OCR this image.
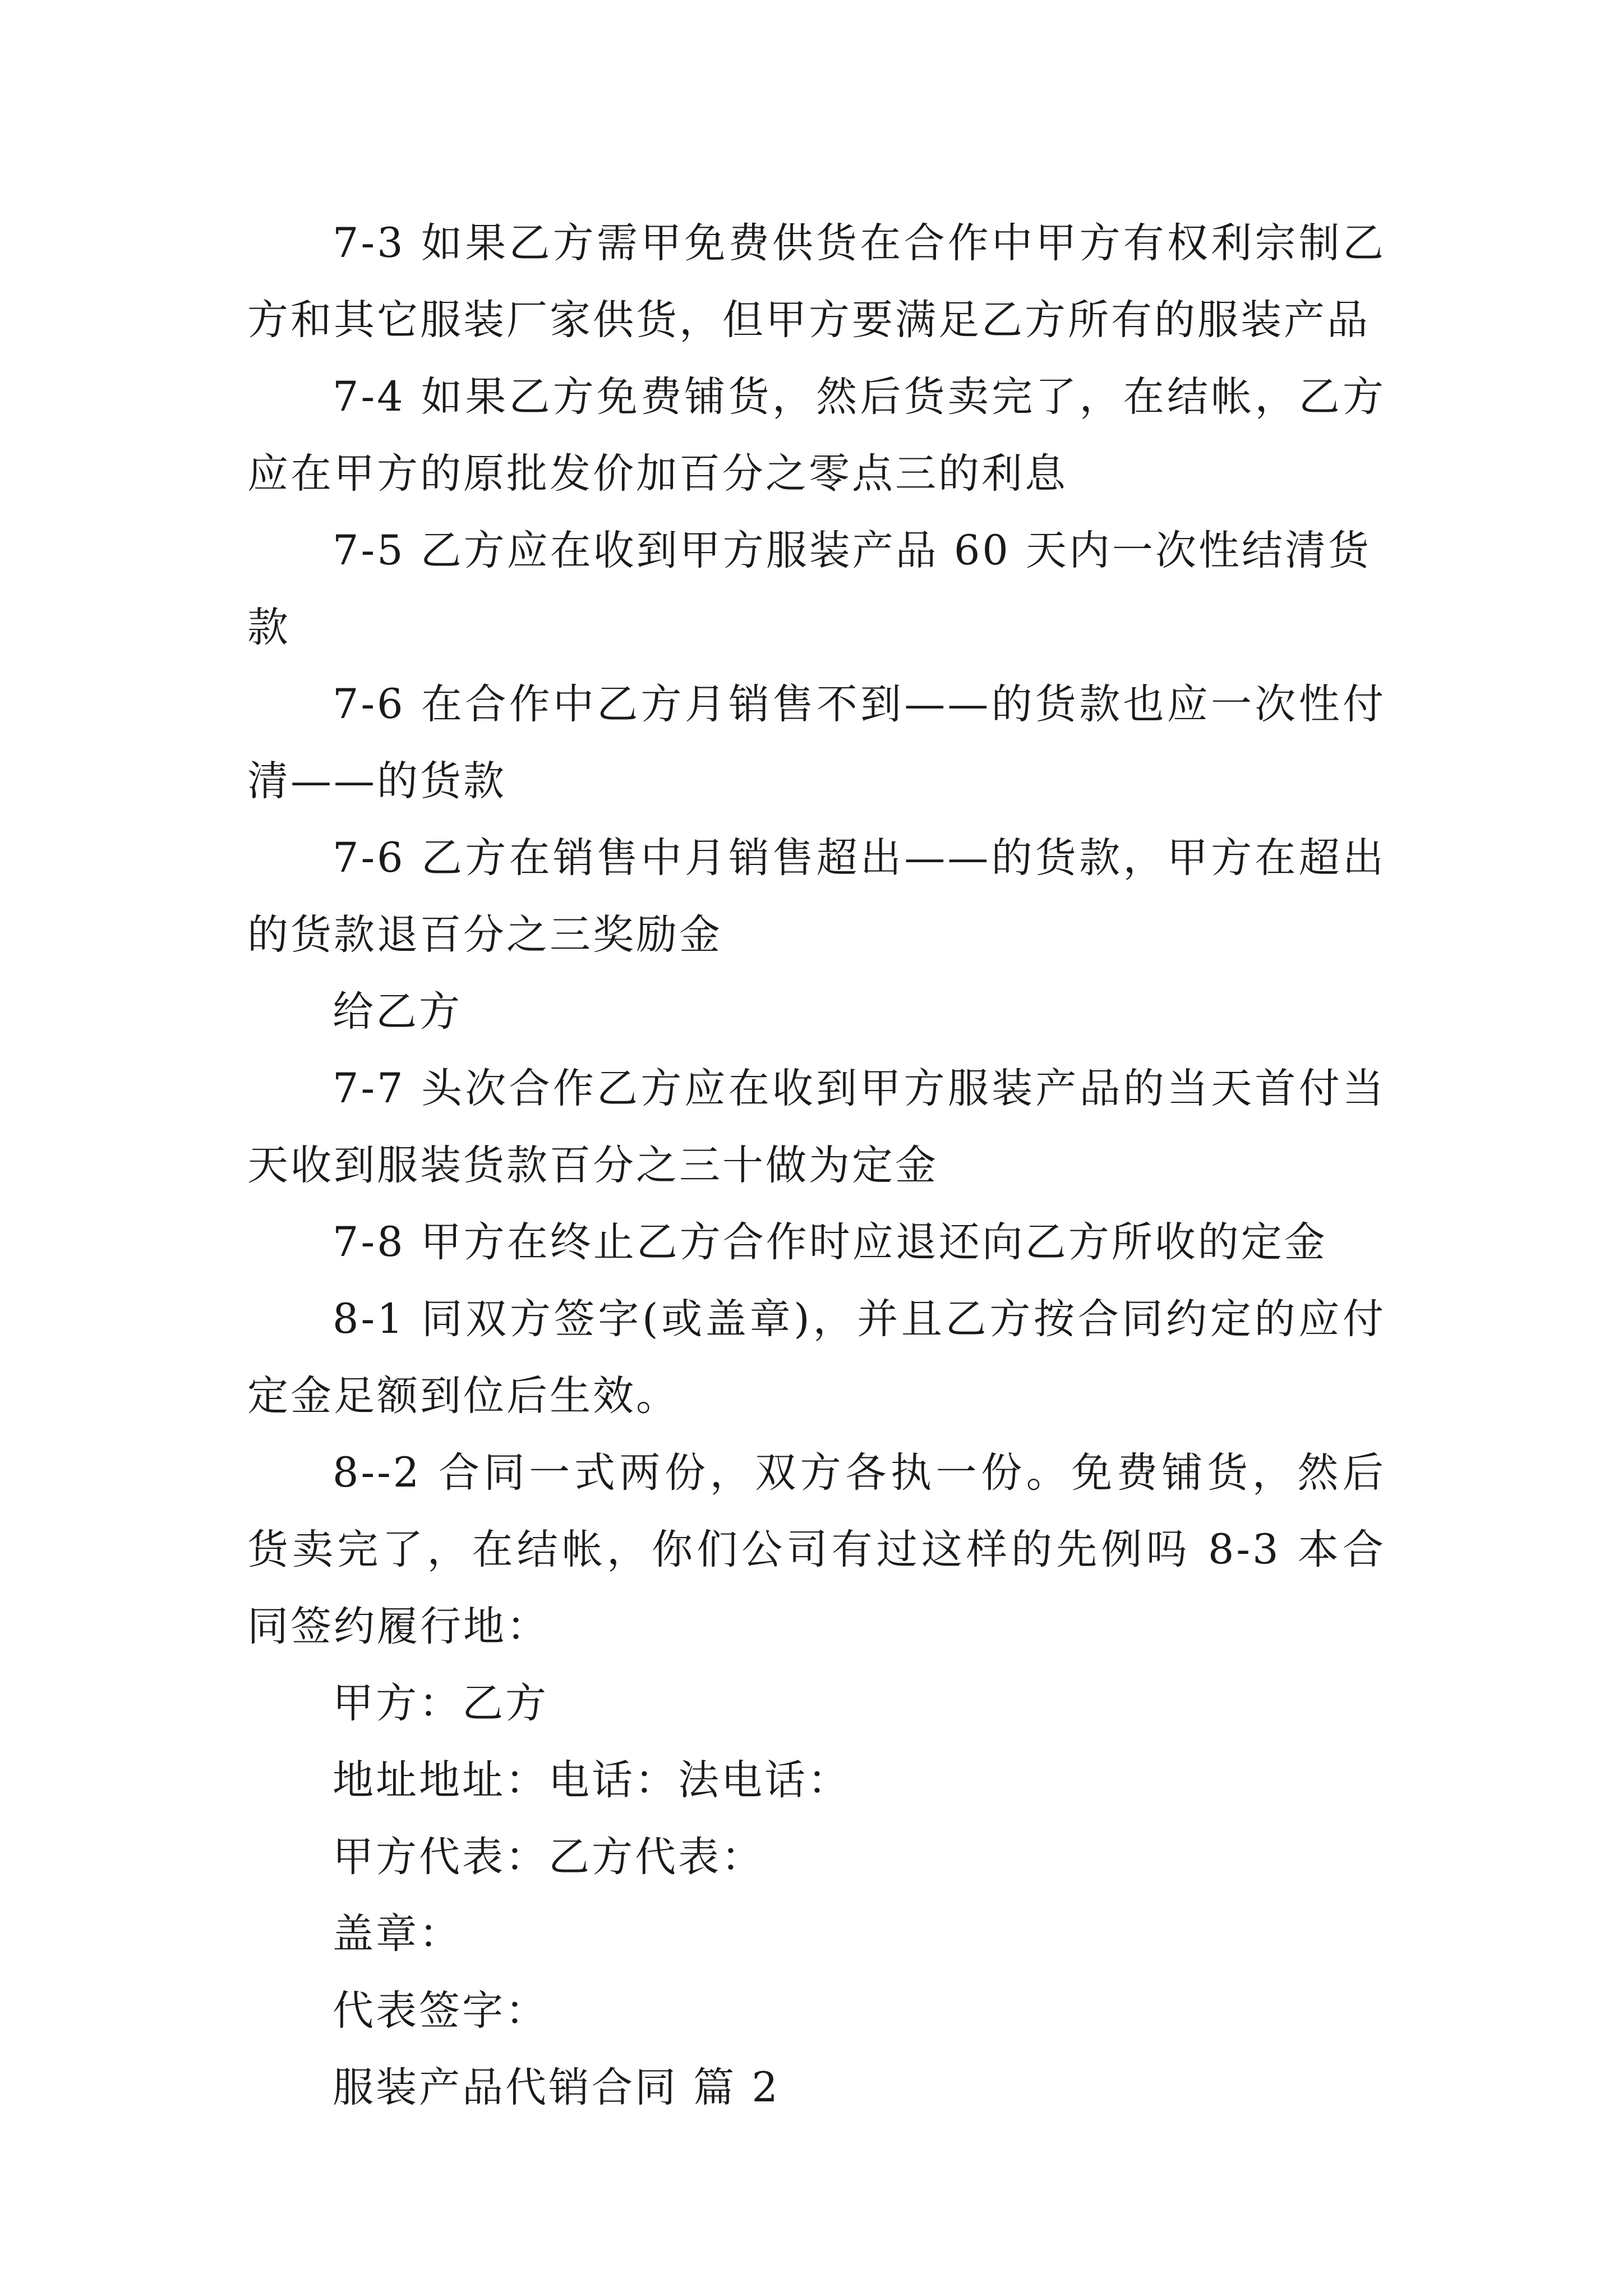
7-3 如果乙方需甲免费供货在合作中甲方有权利宗制乙方和其它服装厂家供货，但甲方要满足乙方所有的服装产品

7-4 如果乙方免费铺货，然后货卖完了，在结帐，乙方应在甲方的原批发价加百分之零点三的利息

7-5 乙方应在收到甲方服装产品 60 天内一次性结清货款

7-6 在合作中乙方月销售不到——的货款也应一次性付清——的货款

7-6 乙方在销售中月销售超出——的货款，甲方在超出的货款退百分之三奖励金

给乙方

7-7 头次合作乙方应在收到甲方服装产品的当天首付当天收到服装货款百分之三十做为定金

7-8 甲方在终止乙方合作时应退还向乙方所收的定金

8-1 同双方签字(或盖章)，并且乙方按合同约定的应付定金足额到位后生效。

8--2 合同一式两份，双方各执一份。免费铺货，然后货卖完了，在结帐，你们公司有过这样的先例吗 8-3 本合同签约履行地：

甲方：乙方

地址地址：电话：法电话：

甲方代表：乙方代表：

盖章：

代表签字：

服装产品代销合同 篇 2
